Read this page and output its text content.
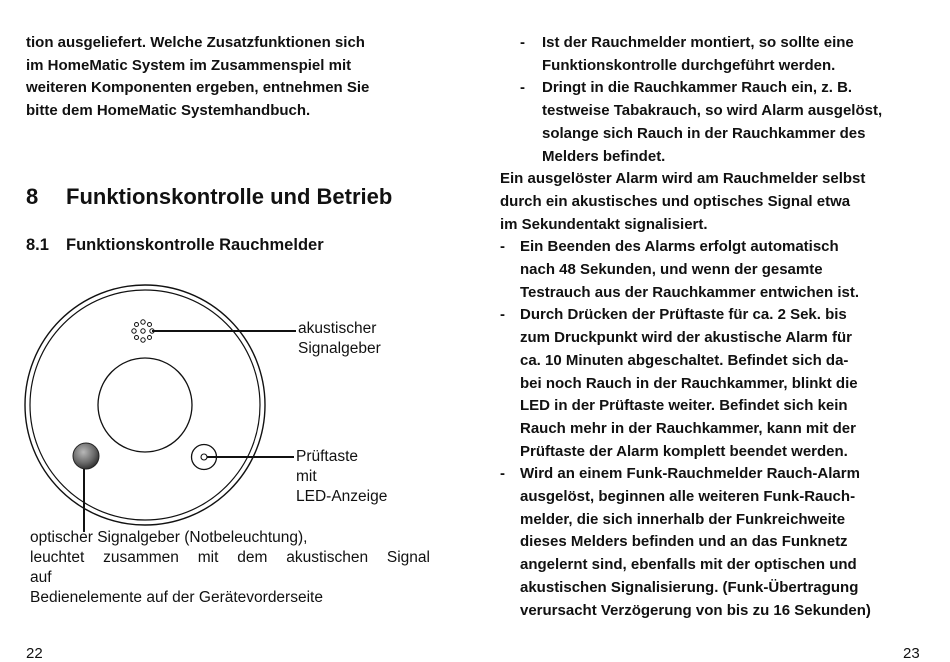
tion ausgeliefert. Welche Zusatzfunktionen sich

im HomeMatic System im Zusammenspiel mit

weiteren Komponenten ergeben, entnehmen Sie

bitte dem HomeMatic Systemhandbuch.

8 Funktionskontrolle und Betrieb
8.1 Funktionskontrolle Rauchmelder
akustischer
Signalgeber
Prüftaste
mit
LED-Anzeige
optischer Signalgeber (Notbeleuchtung),
leuchtet zusammen mit dem akustischen Signal
auf
Bedienelemente auf der Gerätevorderseite
22
- Ist der Rauchmelder montiert, so sollte eine
Funktionskontrolle durchgeführt werden.
- Dringt in die Rauchkammer Rauch ein, z. B.
testweise Tabakrauch, so wird Alarm ausgelöst,
solange sich Rauch in der Rauchkammer des
Melders befindet.
Ein ausgelöster Alarm wird am Rauchmelder selbst
durch ein akustisches und optisches Signal etwa
im Sekundentakt signalisiert.
- Ein Beenden des Alarms erfolgt automatisch
nach 48 Sekunden, und wenn der gesamte
Testrauch aus der Rauchkammer entwichen ist.
- Durch Drücken der Prüftaste für ca. 2 Sek. bis
zum Druckpunkt wird der akustische Alarm für
ca. 10 Minuten abgeschaltet. Befindet sich da-
bei noch Rauch in der Rauchkammer, blinkt die
LED in der Prüftaste weiter. Befindet sich kein
Rauch mehr in der Rauchkammer, kann mit der
Prüftaste der Alarm komplett beendet werden.
- Wird an einem Funk-Rauchmelder Rauch-Alarm
ausgelöst, beginnen alle weiteren Funk-Rauch-
melder, die sich innerhalb der Funkreichweite
dieses Melders befinden und an das Funknetz
angelernt sind, ebenfalls mit der optischen und
akustischen Signalisierung. (Funk-Übertragung
verursacht Verzögerung von bis zu 16 Sekunden)
23
